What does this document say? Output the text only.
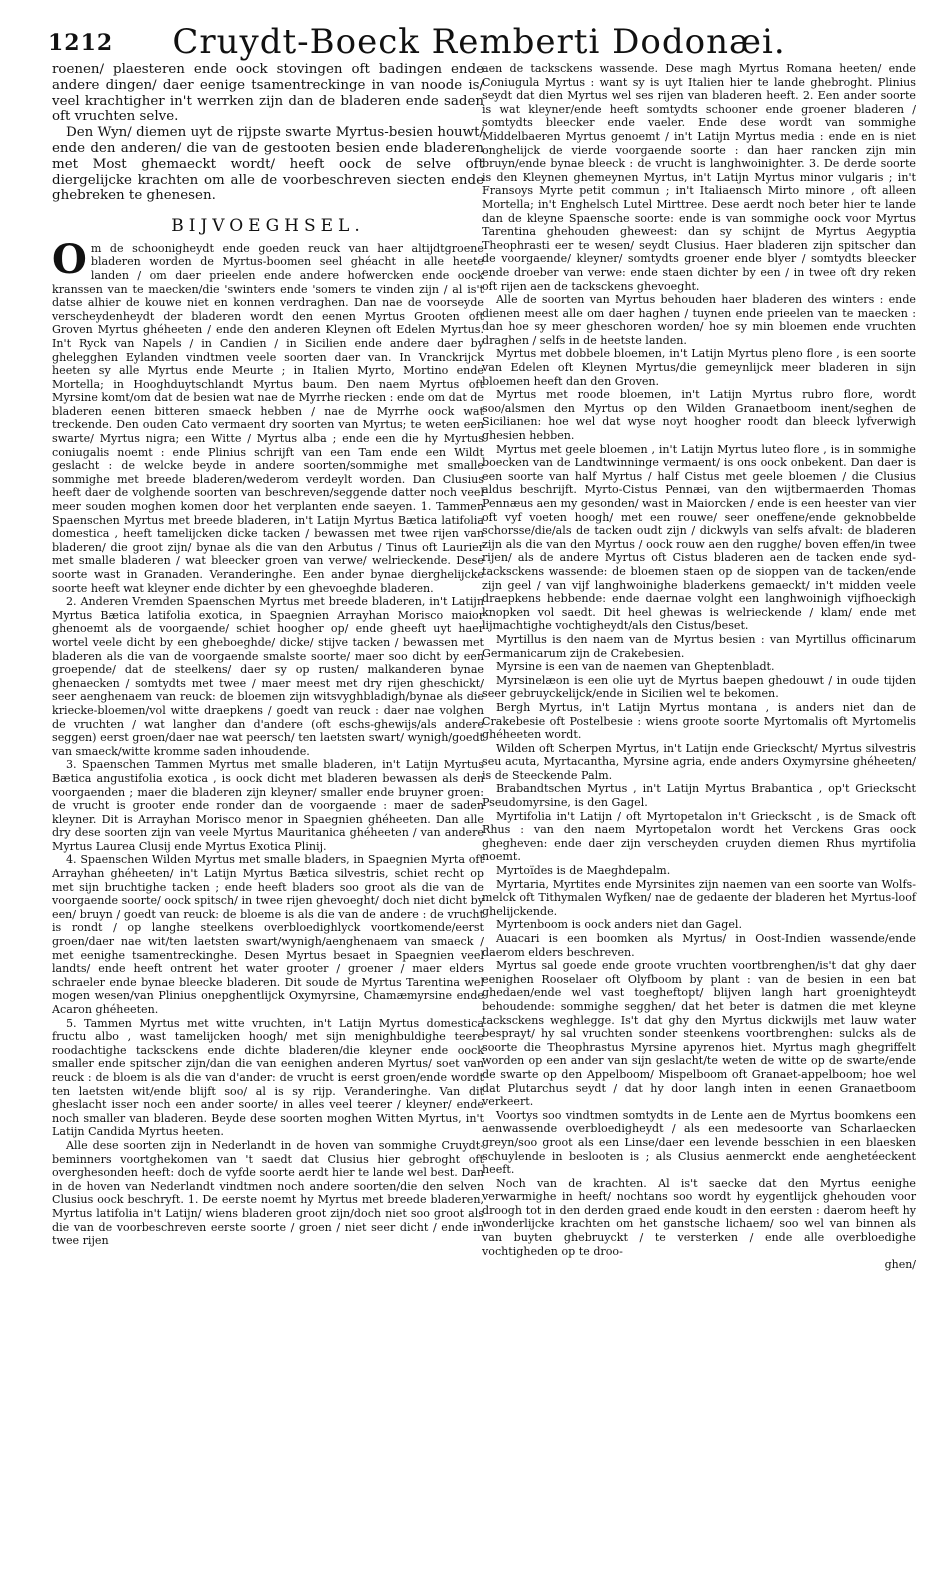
1212	Cruydt-Boeck Remberti Dodonæi.

roenen/ plaesteren ende oock stovingen oft badingen ende andere dingen/ daer eenige tsamentreckinge in van noode is/ veel krachtigher in't werrken zijn dan de bladeren ende saden oft vruchten selve.

Den Wyn/ diemen uyt de rijpste swarte Myrtus-besien houwt/ ende den anderen/ die van de gestooten besien ende bladeren met Most ghemaeckt wordt/ heeft oock de selve oft diergelijcke krachten om alle de voorbeschreven siecten ende ghebreken te ghenesen.

BIJVOEGHSEL.

Om de schoonigheydt ende goeden reuck van haer altijdtgroene bladeren worden de Myrtus-boomen seel ghéacht in alle heete landen / om daer prieelen ende andere hofwercken ende oock kranssen van te maecken/die 'swinters ende 'somers te vinden zijn / al is't datse alhier de kouwe niet en konnen verdraghen. Dan nae de voorseyde verscheydenheydt der bladeren wordt den eenen Myrtus Grooten oft Groven Myrtus ghéheeten / ende den anderen Kleynen oft Edelen Myrtus. In't Ryck van Napels / in Candien / in Sicilien ende andere daer by ghelegghen Eylanden vindtmen veele soorten daer van. In Vranckrijck heeten sy alle Myrtus ende Meurte ; in Italien Myrto, Mortino ende Mortella; in Hooghduytschlandt Myrtus baum. Den naem Myrtus oft Myrsine komt/om dat de besien wat nae de Myrrhe riecken : ende om dat de bladeren eenen bitteren smaeck hebben / nae de Myrrhe oock wat treckende. Den ouden Cato vermaent dry soorten van Myrtus; te weten een swarte/ Myrtus nigra; een Witte / Myrtus alba ; ende een die hy Myrtus coniugalis noemt : ende Plinius schrijft van een Tam ende een Wildt geslacht : de welcke beyde in andere soorten/sommighe met smalle sommighe met breede bladeren/wederom verdeylt worden. Dan Clusius heeft daer de volghende soorten van beschreven/seggende datter noch veel meer souden moghen komen door het verplanten ende saeyen. 1. Tammen Spaenschen Myrtus met breede bladeren, in't Latijn Myrtus Bætica latifolia domestica , heeft tamelijcken dicke tacken / bewassen met twee rijen van bladeren/ die groot zijn/ bynae als die van den Arbutus / Tinus oft Laurier met smalle bladeren / wat bleecker groen van verwe/ welrieckende. Dese soorte wast in Granaden. Veranderinghe. Een ander bynae dierghelijcke soorte heeft wat kleyner ende dichter by een ghevoeghde bladeren.

2. Anderen Vremden Spaenschen Myrtus met breede bladeren, in't Latijn Myrtus Bætica latifolia exotica, in Spaegnien Arrayhan Morisco maior ghenoemt als de voorgaende/ schiet hoogher op/ ende gheeft uyt haer wortel veele dicht by een gheboeghde/ dicke/ stijve tacken / bewassen met bladeren als die van de voorgaende smalste soorte/ maer soo dicht by een groepende/ dat de steelkens/ daer sy op rusten/ malkanderen bynae ghenaecken / somtydts met twee / maer meest met dry rijen gheschickt/ seer aenghenaem van reuck: de bloemen zijn witsvyghbladigh/bynae als die kriecke-bloemen/vol witte draepkens / goedt van reuck : daer nae volghen de vruchten / wat langher dan d'andere (oft eschs-ghewijs/als andere seggen) eerst groen/daer nae wat peersch/ ten laetsten swart/ wynigh/goedt van smaeck/witte kromme saden inhoudende.

3. Spaenschen Tammen Myrtus met smalle bladeren, in't Latijn Myrtus Bætica angustifolia exotica , is oock dicht met bladeren bewassen als den voorgaenden ; maer die bladeren zijn kleyner/ smaller ende bruyner groen: de vrucht is grooter ende ronder dan de voorgaende : maer de saden kleyner. Dit is Arrayhan Morisco menor in Spaegnien ghéheeten. Dan alle dry dese soorten zijn van veele Myrtus Mauritanica ghéheeten / van andere Myrtus Laurea Clusij ende Myrtus Exotica Plinij.

4. Spaenschen Wilden Myrtus met smalle bladers, in Spaegnien Myrta oft Arrayhan ghéheeten/ in't Latijn Myrtus Bætica silvestris, schiet recht op met sijn bruchtighe tacken ; ende heeft bladers soo groot als die van de voorgaende soorte/ oock spitsch/ in twee rijen ghevoeght/ doch niet dicht by een/ bruyn / goedt van reuck: de bloeme is als die van de andere : de vrucht is rondt / op langhe steelkens overbloedighlyck voortkomende/eerst groen/daer nae wit/ten laetsten swart/wynigh/aenghenaem van smaeck / met eenighe tsamentreckinghe. Desen Myrtus besaet in Spaegnien veel landts/ ende heeft ontrent het water grooter / groener / maer elders schraeler ende bynae bleecke bladeren. Dit soude de Myrtus Tarentina wel mogen wesen/van Plinius onepghentlijck Oxymyrsine, Chamæmyrsine ende Acaron ghéheeten.

5. Tammen Myrtus met witte vruchten, in't Latijn Myrtus domestica fructu albo , wast tamelijcken hoogh/ met sijn menighbuldighe teere roodachtighe tacksckens ende dichte bladeren/die kleyner ende oock smaller ende spitscher zijn/dan die van eenighen anderen Myrtus/ soet van reuck : de bloem is als die van d'ander: de vrucht is eerst groen/ende wordt ten laetsten wit/ende blijft soo/ al is sy rijp. Veranderinghe. Van dit gheslacht isser noch een ander soorte/ in alles veel teerer / kleyner/ ende noch smaller van bladeren. Beyde dese soorten moghen Witten Myrtus, in't Latijn Candida Myrtus heeten.

Alle dese soorten zijn in Nederlandt in de hoven van sommighe Cruydt-beminners voortghekomen van 't saedt dat Clusius hier gebroght oft overghesonden heeft: doch de vyfde soorte aerdt hier te lande wel best. Dan in de hoven van Nederlandt vindtmen noch andere soorten/die den selven Clusius oock beschryft. 1. De eerste noemt hy Myrtus met breede bladeren, Myrtus latifolia in't Latijn/ wiens bladeren groot zijn/doch niet soo groot als die van de voorbeschreven eerste soorte / groen / niet seer dicht / ende in twee rijen

aen de tacksckens wassende. Dese magh Myrtus Romana heeten/ ende Coniugula Myrtus : want sy is uyt Italien hier te lande ghebroght. Plinius seydt dat dien Myrtus wel ses rijen van bladeren heeft. 2. Een ander soorte is wat kleyner/ende heeft somtydts schooner ende groener bladeren / somtydts bleecker ende vaeler. Ende dese wordt van sommighe Middelbaeren Myrtus genoemt / in't Latijn Myrtus media : ende en is niet onghelijck de vierde voorgaende soorte : dan haer rancken zijn min bruyn/ende bynae bleeck : de vrucht is langhwoinighter. 3. De derde soorte is den Kleynen ghemeynen Myrtus, in't Latijn Myrtus minor vulgaris ; in't Fransoys Myrte petit commun ; in't Italiaensch Mirto minore , oft alleen Mortella; in't Enghelsch Lutel Mirttree. Dese aerdt noch beter hier te lande dan de kleyne Spaensche soorte: ende is van sommighe oock voor Myrtus Tarentina ghehouden gheweest: dan sy schijnt de Myrtus Aegyptia Theophrasti eer te wesen/ seydt Clusius. Haer bladeren zijn spitscher dan de voorgaende/ kleyner/ somtydts groener ende blyer / somtydts bleecker ende droeber van verwe: ende staen dichter by een / in twee oft dry reken oft rijen aen de tacksckens ghevoeght.

Alle de soorten van Myrtus behouden haer bladeren des winters : ende dienen meest alle om daer haghen / tuynen ende prieelen van te maecken : dan hoe sy meer gheschoren worden/ hoe sy min bloemen ende vruchten draghen / selfs in de heetste landen.

Myrtus met dobbele bloemen, in't Latijn Myrtus pleno flore , is een soorte van Edelen oft Kleynen Myrtus/die gemeynlijck meer bladeren in sijn bloemen heeft dan den Groven.

Myrtus met roode bloemen, in't Latijn Myrtus rubro flore, wordt soo/alsmen den Myrtus op den Wilden Granaetboom inent/seghen de Sicilianen: hoe wel dat wyse noyt hoogher roodt dan bleeck lyfverwigh ghesien hebben.

Myrtus met geele bloemen , in't Latijn Myrtus luteo flore , is in sommighe boecken van de Landtwinninge vermaent/ is ons oock onbekent. Dan daer is een soorte van half Myrtus / half Cistus met geele bloemen / die Clusius aldus beschrijft. Myrto-Cistus Pennæi, van den wijtbermaerden Thomas Pennæus aen my gesonden/ wast in Maiorcken / ende is een heester van vier oft vyf voeten hoogh/ met een rouwe/ seer oneffene/ende geknobbelde schorsse/die/als de tacken oudt zijn / dickwyls van selfs afvalt: de bladeren zijn als die van den Myrtus / oock rouw aen den rugghe/ boven effen/in twee rijen/ als de andere Myrtus oft Cistus bladeren aen de tacken ende syd-tacksckens wassende: de bloemen staen op de sioppen van de tacken/ende zijn geel / van vijf langhwoinighe bladerkens gemaeckt/ in't midden veele draepkens hebbende: ende daernae volght een langhwoinigh vijfhoeckigh knopken vol saedt. Dit heel ghewas is welrieckende / klam/ ende met lijmachtighe vochtigheydt/als den Cistus/beset.

Myrtillus is den naem van de Myrtus besien : van Myrtillus officinarum Germanicarum zijn de Crakebesien.

Myrsine is een van de naemen van Gheptenbladt.

Myrsinelæon is een olie uyt de Myrtus baepen ghedouwt / in oude tijden seer gebruyckelijck/ende in Sicilien wel te bekomen.

Bergh Myrtus, in't Latijn Myrtus montana , is anders niet dan de Crakebesie oft Postelbesie : wiens groote soorte Myrtomalis oft Myrtomelis ghéheeten wordt.

Wilden oft Scherpen Myrtus, in't Latijn ende Grieckscht/ Myrtus silvestris seu acuta, Myrtacantha, Myrsine agria, ende anders Oxymyrsine ghéheeten/ is de Steeckende Palm.

Brabandtschen Myrtus , in't Latijn Myrtus Brabantica , op't Grieckscht Pseudomyrsine, is den Gagel.

Myrtifolia in't Latijn / oft Myrtopetalon in't Grieckscht , is de Smack oft Rhus : van den naem Myrtopetalon wordt het Verckens Gras oock ghegheven: ende daer zijn verscheyden cruyden diemen Rhus myrtifolia noemt.

Myrtoïdes is de Maeghdepalm.

Myrtaria, Myrtites ende Myrsinites zijn naemen van een soorte van Wolfs-melck oft Tithymalen Wyfken/ nae de gedaente der bladeren het Myrtus-loof ghelijckende.

Myrtenboom is oock anders niet dan Gagel.

Auacari is een boomken als Myrtus/ in Oost-Indien wassende/ende daerom elders beschreven.

Myrtus sal goede ende groote vruchten voortbrenghen/is't dat ghy daer eenighen Rooselaer oft Olyfboom by plant : van de besien in een bat ghedaen/ende wel vast toegheftopt/ blijven langh hart groenighteydt behoudende: sommighe segghen/ dat het beter is datmen die met kleyne tacksckens weghlegge. Is't dat ghy den Myrtus dickwijls met lauw water besprayt/ hy sal vruchten sonder steenkens voortbrenghen: sulcks als de soorte die Theophrastus Myrsine apyrenos hiet. Myrtus magh ghegriffelt worden op een ander van sijn geslacht/te weten de witte op de swarte/ende de swarte op den Appelboom/ Mispelboom oft Granaet-appelboom; hoe wel dat Plutarchus seydt / dat hy door langh inten in eenen Granaetboom verkeert.

Voortys soo vindtmen somtydts in de Lente aen de Myrtus boomkens een aenwassende overbloedigheydt / als een medesoorte van Scharlaecken greyn/soo groot als een Linse/daer een levende besschien in een blaesken schuylende in beslooten is ; als Clusius aenmerckt ende aenghetéeckent heeft.

Noch van de krachten. Al is't saecke dat den Myrtus eenighe verwarmighe in heeft/ nochtans soo wordt hy eygentlijck ghehouden voor droogh tot in den derden graed ende koudt in den eersten : daerom heeft hy wonderlijcke krachten om het ganstsche lichaem/ soo wel van binnen als van buyten ghebruyckt / te versterken / ende alle overbloedighe vochtigheden op te droo-

ghen/
